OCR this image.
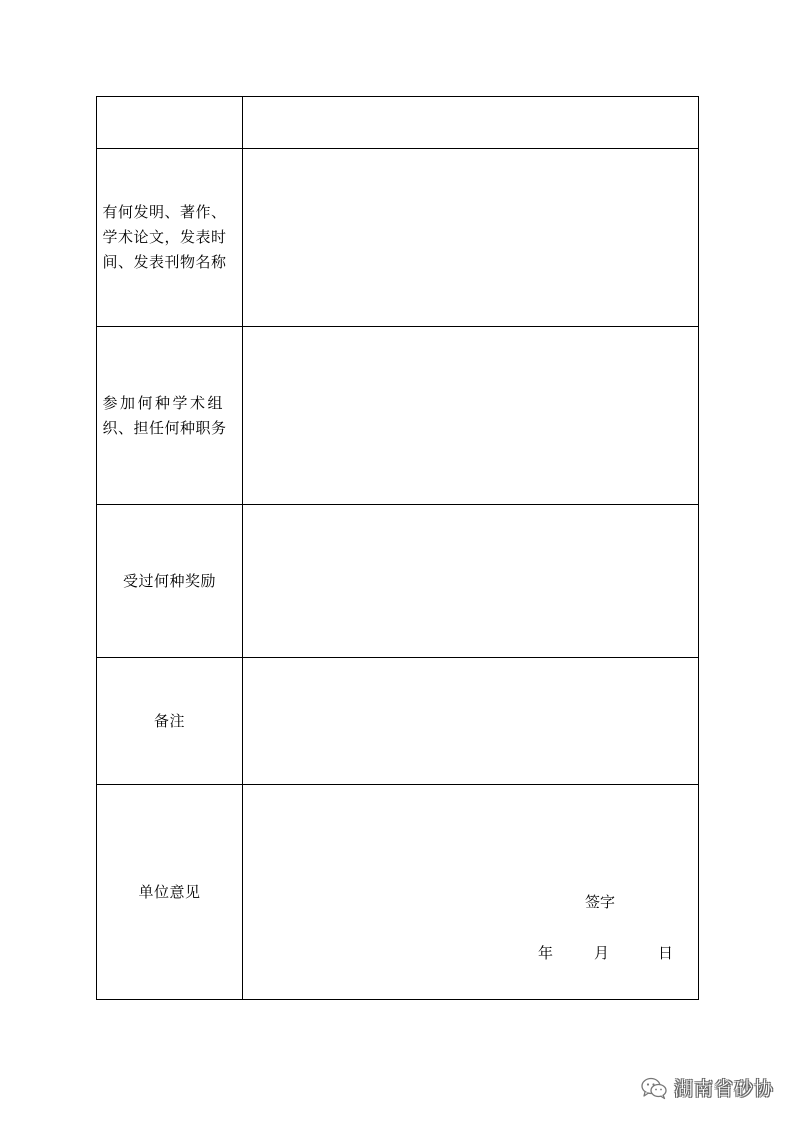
有何发明、著作、
学术论文，发表时
间、发表刊物名称
参加何种学术组
织、担任何种职务
受过何种奖励
备注
单位意见
签字
年	月	日
湖南省砂协
